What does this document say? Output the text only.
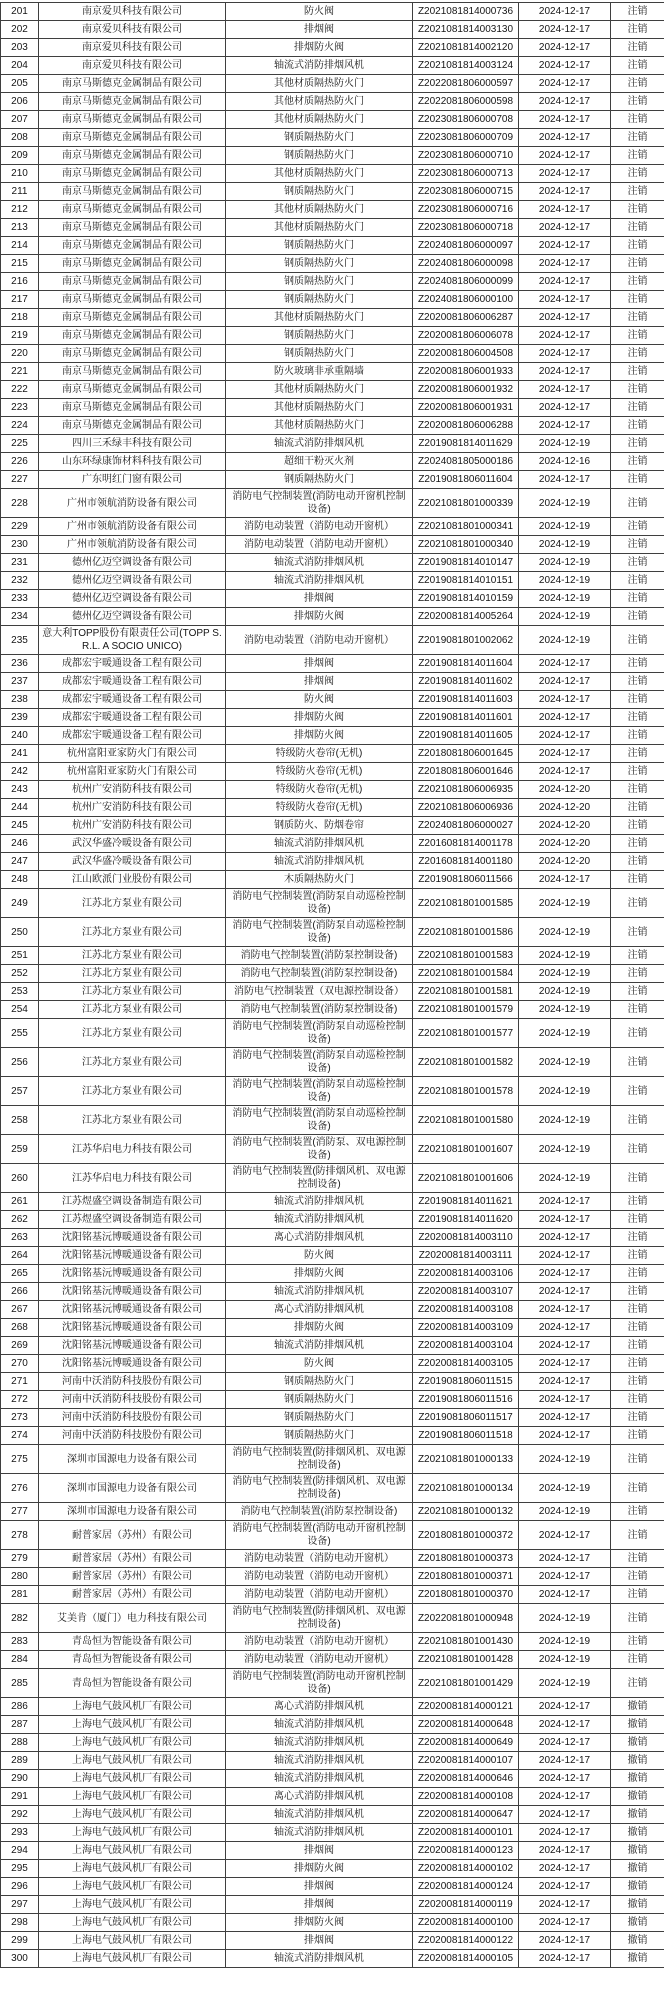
201	南京爱贝科技有限公司	防火阀	Z2021081814000736	2024-12-17	注销
202	南京爱贝科技有限公司	排烟阀	Z2021081814003130	2024-12-17	注销
203	南京爱贝科技有限公司	排烟防火阀	Z2021081814002120	2024-12-17	注销
204	南京爱贝科技有限公司	轴流式消防排烟风机	Z2021081814003124	2024-12-17	注销
205	南京马斯德克金属制品有限公司	其他材质隔热防火门	Z2022081806000597	2024-12-17	注销
206	南京马斯德克金属制品有限公司	其他材质隔热防火门	Z2022081806000598	2024-12-17	注销
207	南京马斯德克金属制品有限公司	其他材质隔热防火门	Z2023081806000708	2024-12-17	注销
208	南京马斯德克金属制品有限公司	钢质隔热防火门	Z2023081806000709	2024-12-17	注销
209	南京马斯德克金属制品有限公司	钢质隔热防火门	Z2023081806000710	2024-12-17	注销
210	南京马斯德克金属制品有限公司	其他材质隔热防火门	Z2023081806000713	2024-12-17	注销
211	南京马斯德克金属制品有限公司	钢质隔热防火门	Z2023081806000715	2024-12-17	注销
212	南京马斯德克金属制品有限公司	其他材质隔热防火门	Z2023081806000716	2024-12-17	注销
213	南京马斯德克金属制品有限公司	其他材质隔热防火门	Z2023081806000718	2024-12-17	注销
214	南京马斯德克金属制品有限公司	钢质隔热防火门	Z2024081806000097	2024-12-17	注销
215	南京马斯德克金属制品有限公司	钢质隔热防火门	Z2024081806000098	2024-12-17	注销
216	南京马斯德克金属制品有限公司	钢质隔热防火门	Z2024081806000099	2024-12-17	注销
217	南京马斯德克金属制品有限公司	钢质隔热防火门	Z2024081806000100	2024-12-17	注销
218	南京马斯德克金属制品有限公司	其他材质隔热防火门	Z2020081806006287	2024-12-17	注销
219	南京马斯德克金属制品有限公司	钢质隔热防火门	Z2020081806006078	2024-12-17	注销
220	南京马斯德克金属制品有限公司	钢质隔热防火门	Z2020081806004508	2024-12-17	注销
221	南京马斯德克金属制品有限公司	防火玻璃非承重隔墙	Z2020081806001933	2024-12-17	注销
222	南京马斯德克金属制品有限公司	其他材质隔热防火门	Z2020081806001932	2024-12-17	注销
223	南京马斯德克金属制品有限公司	其他材质隔热防火门	Z2020081806001931	2024-12-17	注销
224	南京马斯德克金属制品有限公司	其他材质隔热防火门	Z2020081806006288	2024-12-17	注销
225	四川三禾绿丰科技有限公司	轴流式消防排烟风机	Z2019081814011629	2024-12-19	注销
226	山东环绿康饰材料科技有限公司	超细干粉灭火剂	Z2024081805000186	2024-12-16	注销
227	广东明红门窗有限公司	钢质隔热防火门	Z2019081806011604	2024-12-17	注销
228	广州市领航消防设备有限公司	消防电气控制装置(消防电动开窗机控制设备)	Z2021081801000339	2024-12-19	注销
229	广州市领航消防设备有限公司	消防电动装置（消防电动开窗机）	Z2021081801000341	2024-12-19	注销
230	广州市领航消防设备有限公司	消防电动装置（消防电动开窗机）	Z2021081801000340	2024-12-19	注销
231	德州亿迈空调设备有限公司	轴流式消防排烟风机	Z2019081814010147	2024-12-19	注销
232	德州亿迈空调设备有限公司	轴流式消防排烟风机	Z2019081814010151	2024-12-19	注销
233	德州亿迈空调设备有限公司	排烟阀	Z2019081814010159	2024-12-19	注销
234	德州亿迈空调设备有限公司	排烟防火阀	Z2020081814005264	2024-12-19	注销
235	意大利TOPP股份有限责任公司(TOPP S.R.L. A SOCIO UNICO)	消防电动装置（消防电动开窗机）	Z2019081801002062	2024-12-19	注销
236	成都宏宇暖通设备工程有限公司	排烟阀	Z2019081814011604	2024-12-17	注销
237	成都宏宇暖通设备工程有限公司	排烟阀	Z2019081814011602	2024-12-17	注销
238	成都宏宇暖通设备工程有限公司	防火阀	Z2019081814011603	2024-12-17	注销
239	成都宏宇暖通设备工程有限公司	排烟防火阀	Z2019081814011601	2024-12-17	注销
240	成都宏宇暖通设备工程有限公司	排烟防火阀	Z2019081814011605	2024-12-17	注销
241	杭州富阳亚家防火门有限公司	特级防火卷帘(无机)	Z2018081806001645	2024-12-17	注销
242	杭州富阳亚家防火门有限公司	特级防火卷帘(无机)	Z2018081806001646	2024-12-17	注销
243	杭州广安消防科技有限公司	特级防火卷帘(无机)	Z2021081806006935	2024-12-20	注销
244	杭州广安消防科技有限公司	特级防火卷帘(无机)	Z2021081806006936	2024-12-20	注销
245	杭州广安消防科技有限公司	钢质防火、防烟卷帘	Z2024081806000027	2024-12-20	注销
246	武汉华盛冷暖设备有限公司	轴流式消防排烟风机	Z2016081814001178	2024-12-20	注销
247	武汉华盛冷暖设备有限公司	轴流式消防排烟风机	Z2016081814001180	2024-12-20	注销
248	江山欧派门业股份有限公司	木质隔热防火门	Z2019081806011566	2024-12-17	注销
249	江苏北方泵业有限公司	消防电气控制装置(消防泵自动巡检控制设备)	Z2021081801001585	2024-12-19	注销
250	江苏北方泵业有限公司	消防电气控制装置(消防泵自动巡检控制设备)	Z2021081801001586	2024-12-19	注销
251	江苏北方泵业有限公司	消防电气控制装置(消防泵控制设备)	Z2021081801001583	2024-12-19	注销
252	江苏北方泵业有限公司	消防电气控制装置(消防泵控制设备)	Z2021081801001584	2024-12-19	注销
253	江苏北方泵业有限公司	消防电气控制装置（双电源控制设备）	Z2021081801001581	2024-12-19	注销
254	江苏北方泵业有限公司	消防电气控制装置(消防泵控制设备)	Z2021081801001579	2024-12-19	注销
255	江苏北方泵业有限公司	消防电气控制装置(消防泵自动巡检控制设备)	Z2021081801001577	2024-12-19	注销
256	江苏北方泵业有限公司	消防电气控制装置(消防泵自动巡检控制设备)	Z2021081801001582	2024-12-19	注销
257	江苏北方泵业有限公司	消防电气控制装置(消防泵自动巡检控制设备)	Z2021081801001578	2024-12-19	注销
258	江苏北方泵业有限公司	消防电气控制装置(消防泵自动巡检控制设备)	Z2021081801001580	2024-12-19	注销
259	江苏华启电力科技有限公司	消防电气控制装置(消防泵、双电源控制设备)	Z2021081801001607	2024-12-19	注销
260	江苏华启电力科技有限公司	消防电气控制装置(防排烟风机、双电源控制设备)	Z2021081801001606	2024-12-19	注销
261	江苏煜盛空调设备制造有限公司	轴流式消防排烟风机	Z2019081814011621	2024-12-17	注销
262	江苏煜盛空调设备制造有限公司	轴流式消防排烟风机	Z2019081814011620	2024-12-17	注销
263	沈阳铭基沅博暖通设备有限公司	离心式消防排烟风机	Z2020081814003110	2024-12-17	注销
264	沈阳铭基沅博暖通设备有限公司	防火阀	Z2020081814003111	2024-12-17	注销
265	沈阳铭基沅博暖通设备有限公司	排烟防火阀	Z2020081814003106	2024-12-17	注销
266	沈阳铭基沅博暖通设备有限公司	轴流式消防排烟风机	Z2020081814003107	2024-12-17	注销
267	沈阳铭基沅博暖通设备有限公司	离心式消防排烟风机	Z2020081814003108	2024-12-17	注销
268	沈阳铭基沅博暖通设备有限公司	排烟防火阀	Z2020081814003109	2024-12-17	注销
269	沈阳铭基沅博暖通设备有限公司	轴流式消防排烟风机	Z2020081814003104	2024-12-17	注销
270	沈阳铭基沅博暖通设备有限公司	防火阀	Z2020081814003105	2024-12-17	注销
271	河南中沃消防科技股份有限公司	钢质隔热防火门	Z2019081806011515	2024-12-17	注销
272	河南中沃消防科技股份有限公司	钢质隔热防火门	Z2019081806011516	2024-12-17	注销
273	河南中沃消防科技股份有限公司	钢质隔热防火门	Z2019081806011517	2024-12-17	注销
274	河南中沃消防科技股份有限公司	钢质隔热防火门	Z2019081806011518	2024-12-17	注销
275	深圳市国源电力设备有限公司	消防电气控制装置(防排烟风机、双电源控制设备)	Z2021081801000133	2024-12-19	注销
276	深圳市国源电力设备有限公司	消防电气控制装置(防排烟风机、双电源控制设备)	Z2021081801000134	2024-12-19	注销
277	深圳市国源电力设备有限公司	消防电气控制装置(消防泵控制设备)	Z2021081801000132	2024-12-19	注销
278	耐普家居（苏州）有限公司	消防电气控制装置(消防电动开窗机控制设备)	Z2018081801000372	2024-12-17	注销
279	耐普家居（苏州）有限公司	消防电动装置（消防电动开窗机）	Z2018081801000373	2024-12-17	注销
280	耐普家居（苏州）有限公司	消防电动装置（消防电动开窗机）	Z2018081801000371	2024-12-17	注销
281	耐普家居（苏州）有限公司	消防电动装置（消防电动开窗机）	Z2018081801000370	2024-12-17	注销
282	艾美肯（厦门）电力科技有限公司	消防电气控制装置(防排烟风机、双电源控制设备)	Z2022081801000948	2024-12-19	注销
283	青岛恒为智能设备有限公司	消防电动装置（消防电动开窗机）	Z2021081801001430	2024-12-19	注销
284	青岛恒为智能设备有限公司	消防电动装置（消防电动开窗机）	Z2021081801001428	2024-12-19	注销
285	青岛恒为智能设备有限公司	消防电气控制装置(消防电动开窗机控制设备)	Z2021081801001429	2024-12-19	注销
286	上海电气鼓风机厂有限公司	离心式消防排烟风机	Z2020081814000121	2024-12-17	撤销
287	上海电气鼓风机厂有限公司	轴流式消防排烟风机	Z2020081814000648	2024-12-17	撤销
288	上海电气鼓风机厂有限公司	轴流式消防排烟风机	Z2020081814000649	2024-12-17	撤销
289	上海电气鼓风机厂有限公司	轴流式消防排烟风机	Z2020081814000107	2024-12-17	撤销
290	上海电气鼓风机厂有限公司	轴流式消防排烟风机	Z2020081814000646	2024-12-17	撤销
291	上海电气鼓风机厂有限公司	离心式消防排烟风机	Z2020081814000108	2024-12-17	撤销
292	上海电气鼓风机厂有限公司	轴流式消防排烟风机	Z2020081814000647	2024-12-17	撤销
293	上海电气鼓风机厂有限公司	轴流式消防排烟风机	Z2020081814000101	2024-12-17	撤销
294	上海电气鼓风机厂有限公司	排烟阀	Z2020081814000123	2024-12-17	撤销
295	上海电气鼓风机厂有限公司	排烟防火阀	Z2020081814000102	2024-12-17	撤销
296	上海电气鼓风机厂有限公司	排烟阀	Z2020081814000124	2024-12-17	撤销
297	上海电气鼓风机厂有限公司	排烟阀	Z2020081814000119	2024-12-17	撤销
298	上海电气鼓风机厂有限公司	排烟防火阀	Z2020081814000100	2024-12-17	撤销
299	上海电气鼓风机厂有限公司	排烟阀	Z2020081814000122	2024-12-17	撤销
300	上海电气鼓风机厂有限公司	轴流式消防排烟风机	Z2020081814000105	2024-12-17	撤销
